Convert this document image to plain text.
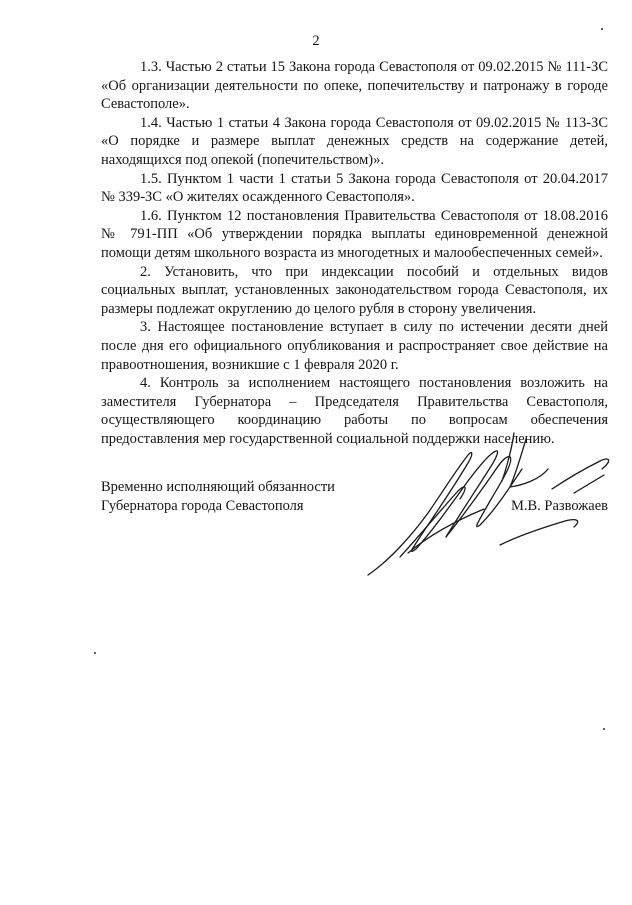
2

1.3. Частью 2 статьи 15 Закона города Севастополя от 09.02.2015 № 111-ЗС «Об организации деятельности по опеке, попечительству и патронажу в городе Севастополе».

1.4. Частью 1 статьи 4 Закона города Севастополя от 09.02.2015 № 113-ЗС «О порядке и размере выплат денежных средств на содержание детей, находящихся под опекой (попечительством)».

1.5. Пунктом 1 части 1 статьи 5 Закона города Севастополя от 20.04.2017 № 339-ЗС «О жителях осажденного Севастополя».

1.6. Пунктом 12 постановления Правительства Севастополя от 18.08.2016 № 791-ПП «Об утверждении порядка выплаты единовременной денежной помощи детям школьного возраста из многодетных и малообеспеченных семей».

2. Установить, что при индексации пособий и отдельных видов социальных выплат, установленных законодательством города Севастополя, их размеры подлежат округлению до целого рубля в сторону увеличения.

3. Настоящее постановление вступает в силу по истечении десяти дней после дня его официального опубликования и распространяет свое действие на правоотношения, возникшие с 1 февраля 2020 г.

4. Контроль за исполнением настоящего постановления возложить на заместителя Губернатора – Председателя Правительства Севастополя, осуществляющего координацию работы по вопросам обеспечения предоставления мер государственной социальной поддержки населению.

Временно исполняющий обязанности
Губернатора города Севастополя	М.В. Развожаев
